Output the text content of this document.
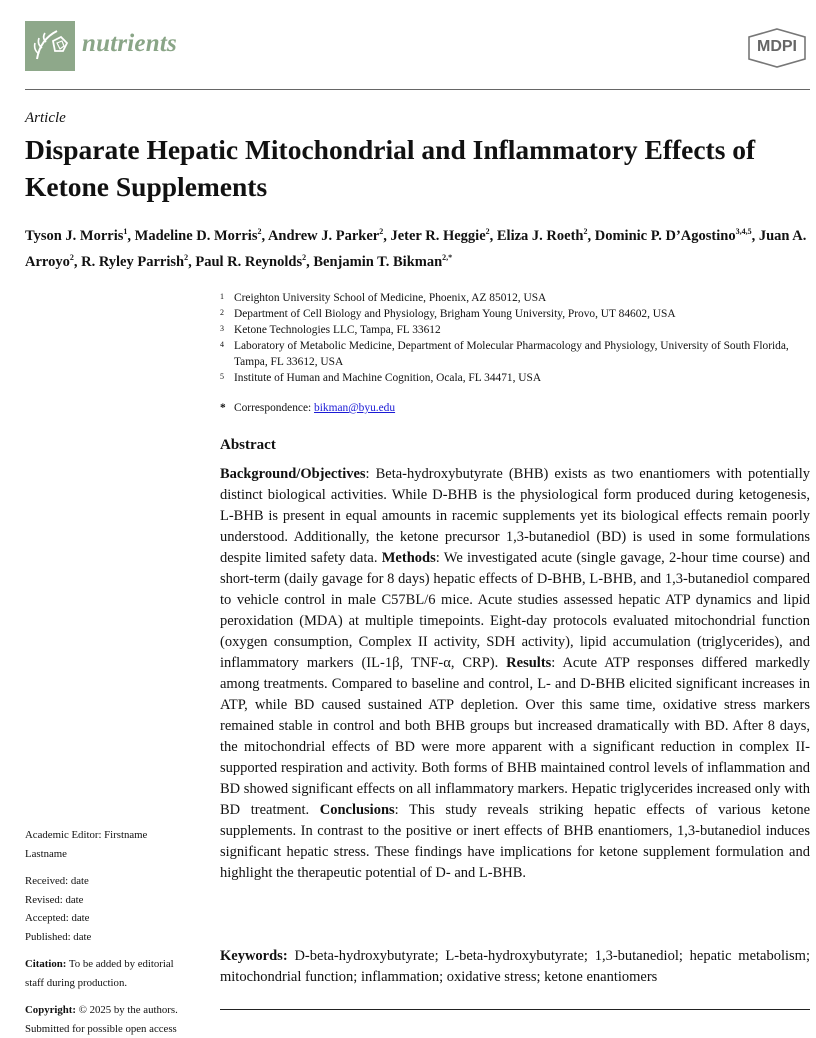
nutrients	MDPI
Article
Disparate Hepatic Mitochondrial and Inflammatory Effects of Ketone Supplements
Tyson J. Morris$^1$, Madeline D. Morris$^2$, Andrew J. Parker$^2$, Jeter R. Heggie$^2$, Eliza J. Roeth$^2$, Dominic P. D’Agostino$^{3,4,5}$, Juan A. Arroyo$^2$, R. Ryley Parrish$^2$, Paul R. Reynolds$^2$, Benjamin T. Bikman$^{2,*}$
1 Creighton University School of Medicine, Phoenix, AZ 85012, USA
2 Department of Cell Biology and Physiology, Brigham Young University, Provo, UT 84602, USA
3 Ketone Technologies LLC, Tampa, FL 33612
4 Laboratory of Metabolic Medicine, Department of Molecular Pharmacology and Physiology, University of South Florida, Tampa, FL 33612, USA
5 Institute of Human and Machine Cognition, Ocala, FL 34471, USA
* Correspondence: bikman@byu.edu
Abstract
Background/Objectives: Beta-hydroxybutyrate (BHB) exists as two enantiomers with potentially distinct biological activities. While D-BHB is the physiological form produced during ketogenesis, L-BHB is present in equal amounts in racemic supplements yet its biological effects remain poorly understood. Additionally, the ketone precursor 1,3-butanediol (BD) is used in some formulations despite limited safety data. Methods: We investigated acute (single gavage, 2-hour time course) and short-term (daily gavage for 8 days) hepatic effects of D-BHB, L-BHB, and 1,3-butanediol compared to vehicle control in male C57BL/6 mice. Acute studies assessed hepatic ATP dynamics and lipid peroxidation (MDA) at multiple timepoints. Eight-day protocols evaluated mitochondrial function (oxygen consumption, Complex II activity, SDH activity), lipid accumulation (triglycerides), and inflammatory markers (IL-1β, TNF-α, CRP). Results: Acute ATP responses differed markedly among treatments. Compared to baseline and control, L- and D-BHB elicited significant increases in ATP, while BD caused sustained ATP depletion. Over this same time, oxidative stress markers remained stable in control and both BHB groups but increased dramatically with BD. After 8 days, the mitochondrial effects of BD were more apparent with a significant reduction in complex II-supported respiration and activity. Both forms of BHB maintained control levels of inflammation and BD showed significant effects on all inflammatory markers. Hepatic triglycerides increased only with BD treatment. Conclusions: This study reveals striking hepatic effects of various ketone supplements. In contrast to the positive or inert effects of BHB enantiomers, 1,3-butanediol induces significant hepatic stress. These findings have implications for ketone supplement formulation and highlight the therapeutic potential of D- and L-BHB.
Keywords: D-beta-hydroxybutyrate; L-beta-hydroxybutyrate; 1,3-butanediol; hepatic metabolism; mitochondrial function; inflammation; oxidative stress; ketone enantiomers
Academic Editor: Firstname Lastname
Received: date
Revised: date
Accepted: date
Published: date
Citation: To be added by editorial staff during production.
Copyright: © 2025 by the authors. Submitted for possible open access
